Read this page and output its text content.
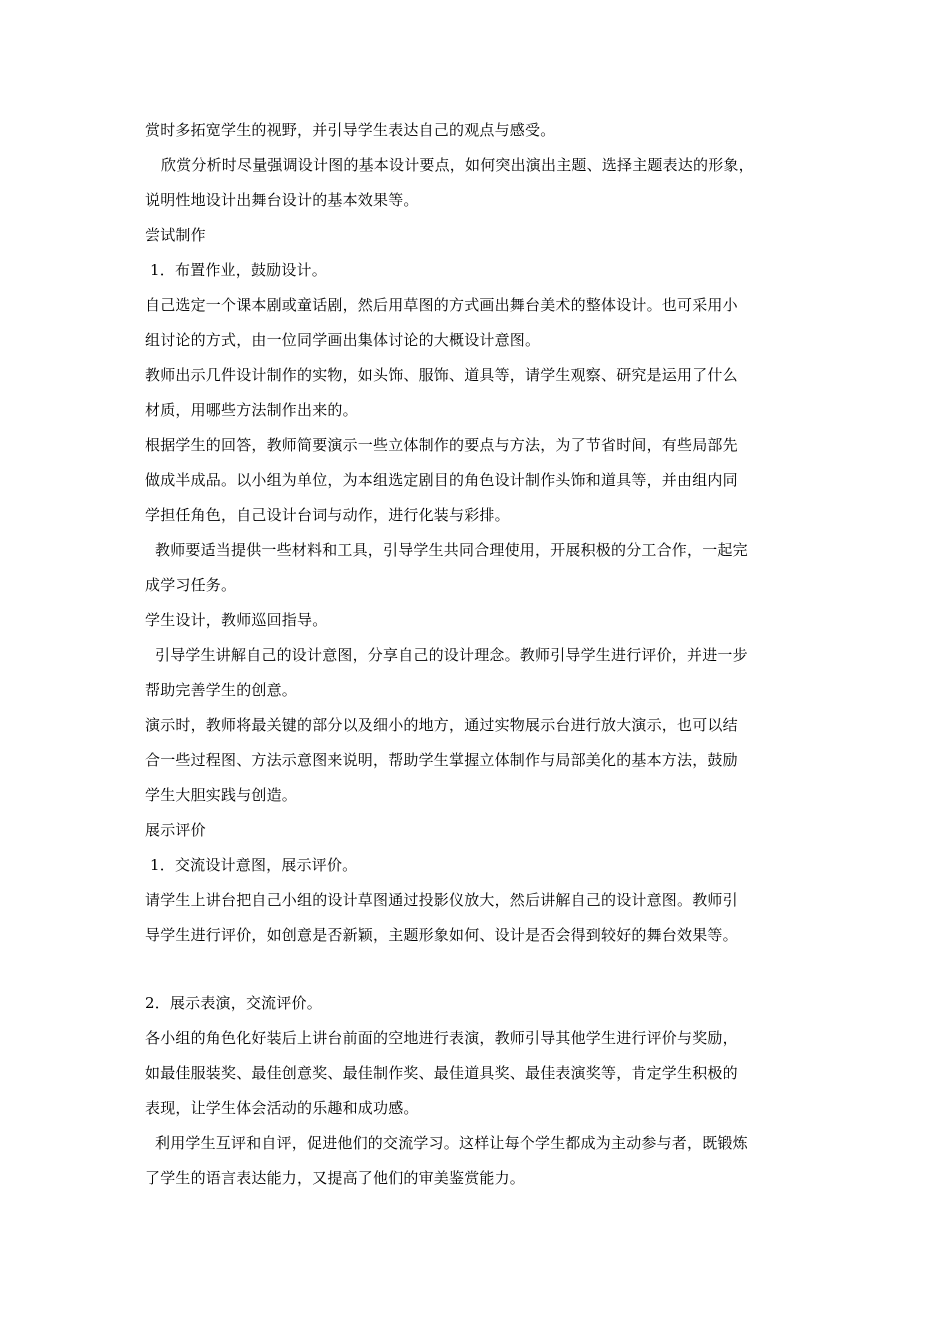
赏时多拓宽学生的视野，并引导学生表达自己的观点与感受。
欣赏分析时尽量强调设计图的基本设计要点，如何突出演出主题、选择主题表达的形象，
说明性地设计出舞台设计的基本效果等。
尝试制作
1．布置作业，鼓励设计。
自己选定一个课本剧或童话剧，然后用草图的方式画出舞台美术的整体设计。也可采用小
组讨论的方式，由一位同学画出集体讨论的大概设计意图。
教师出示几件设计制作的实物，如头饰、服饰、道具等，请学生观察、研究是运用了什么
材质，用哪些方法制作出来的。
根据学生的回答，教师简要演示一些立体制作的要点与方法，为了节省时间，有些局部先
做成半成品。以小组为单位，为本组选定剧目的角色设计制作头饰和道具等，并由组内同
学担任角色，自己设计台词与动作，进行化装与彩排。
教师要适当提供一些材料和工具，引导学生共同合理使用，开展积极的分工合作，一起完
成学习任务。
学生设计，教师巡回指导。
引导学生讲解自己的设计意图，分享自己的设计理念。教师引导学生进行评价，并进一步
帮助完善学生的创意。
演示时，教师将最关键的部分以及细小的地方，通过实物展示台进行放大演示，也可以结
合一些过程图、方法示意图来说明，帮助学生掌握立体制作与局部美化的基本方法，鼓励
学生大胆实践与创造。
展示评价
1．交流设计意图，展示评价。
请学生上讲台把自己小组的设计草图通过投影仪放大，然后讲解自己的设计意图。教师引
导学生进行评价，如创意是否新颖，主题形象如何、设计是否会得到较好的舞台效果等。
2．展示表演，交流评价。
各小组的角色化好装后上讲台前面的空地进行表演，教师引导其他学生进行评价与奖励，
如最佳服装奖、最佳创意奖、最佳制作奖、最佳道具奖、最佳表演奖等，肯定学生积极的
表现，让学生体会活动的乐趣和成功感。
利用学生互评和自评，促进他们的交流学习。这样让每个学生都成为主动参与者，既锻炼
了学生的语言表达能力，又提高了他们的审美鉴赏能力。
